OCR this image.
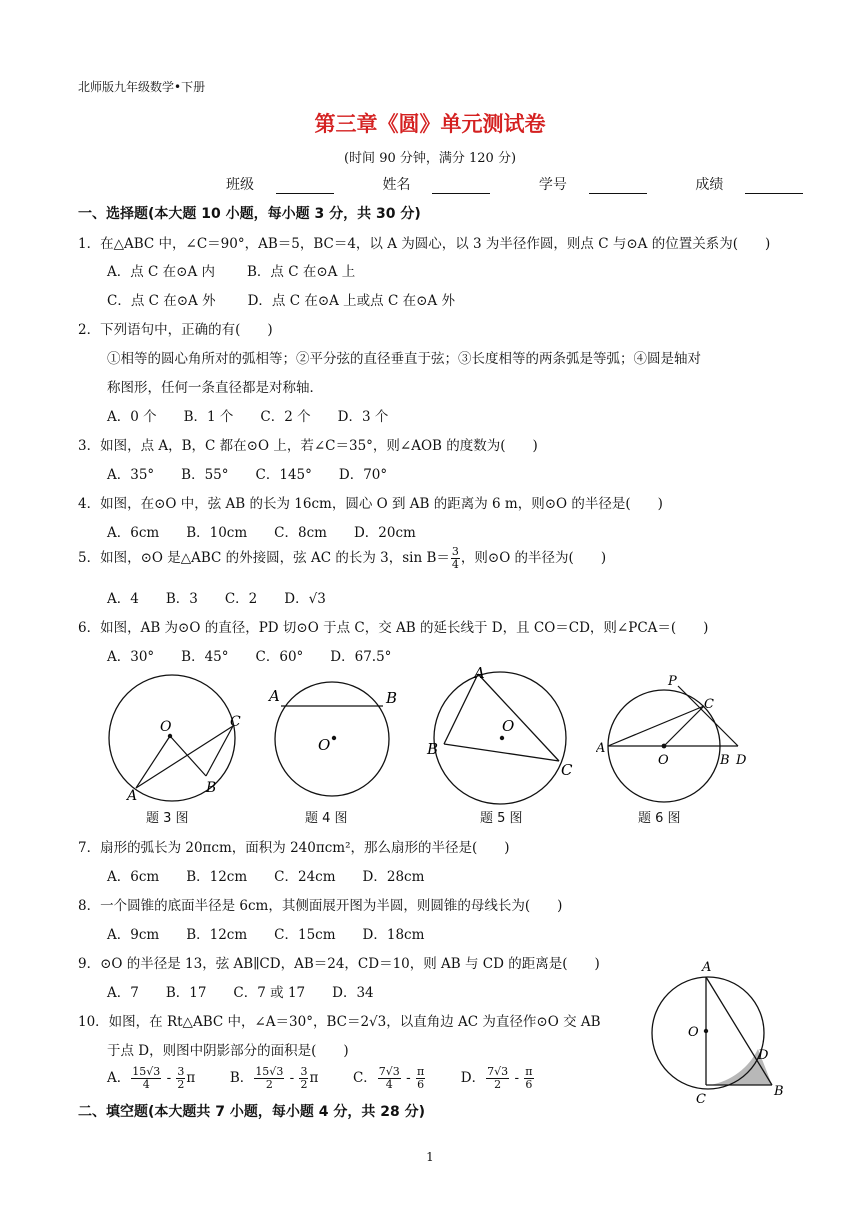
北师版九年级数学•下册
第三章《圆》单元测试卷
(时间 90 分钟，满分 120 分)
班级	姓名	学号	成绩
一、选择题(本大题 10 小题，每小题 3 分，共 30 分)
1．在△ABC 中，∠C＝90°，AB＝5，BC＝4，以 A 为圆心，以 3 为半径作圆，则点 C 与⊙A 的位置关系为(　　)
A．点 C 在⊙A 内 B．点 C 在⊙A 上
C．点 C 在⊙A 外 D．点 C 在⊙A 上或点 C 在⊙A 外
2．下列语句中，正确的有(　　)
①相等的圆心角所对的弧相等；②平分弦的直径垂直于弦；③长度相等的两条弧是等弧；④圆是轴对
称图形，任何一条直径都是对称轴．
A．0 个　　B．1 个　　C．2 个　　D．3 个
3．如图，点 A，B，C 都在⊙O 上，若∠C＝35°，则∠AOB 的度数为(　　)
A．35°　　B．55°　　C．145°　　D．70°
4．如图，在⊙O 中，弦 AB 的长为 16cm，圆心 O 到 AB 的距离为 6 m，则⊙O 的半径是(　　)
A．6cm　　B．10cm　　C．8cm　　D．20cm
5．如图，⊙O 是△ABC 的外接圆，弦 AC 的长为 3，$\sin B= \frac{3}{4}$ ，则⊙O 的半径为(　　)
A．4　　B．3　　C．2　　D．√3
6．如图，AB 为⊙O 的直径，PD 切⊙O 于点 C，交 AB 的延长线于 D，且 CO＝CD，则∠PCA＝(　　)
A．30°　　B．45°　　C．60°　　D．67.5°
O	C
A	B
题 3 图
A	B
O
题 4 图
A
O
B
C
题 5 图
P
C
A
O	B D
题 6 图
7．扇形的弧长为 20πcm，面积为 240πcm²，那么扇形的半径是(　　)
A．6cm　　B．12cm　　C．24cm　　D．28cm
8．一个圆锥的底面半径是 6cm，其侧面展开图为半圆，则圆锥的母线长为(　　)
A．9cm　　B．12cm　　C．15cm　　D．18cm
9．⊙O 的半径是 13，弦 AB∥CD，AB＝24，CD＝10，则 AB 与 CD 的距离是(　　)
A．7　　B．17　　C．7 或 17　　D．34
10．如图，在 Rt△ABC 中，∠A＝30°，BC＝2√3，以直角边 AC 为直径作⊙O 交 AB
于点 D，则图中阴影部分的面积是(　　)
A． $\frac{15√3}{4} - \frac{3}{2}$ π	B． $\frac{15√3}{2} - \frac{3}{2}$ π	C． $\frac{7√3}{4} - \frac{\pi}{6}$	D． $\frac{7√3}{2} - \frac{\pi}{6}$
A
O
D
C
B
二、填空题(本大题共 7 小题，每小题 4 分，共 28 分)
1
